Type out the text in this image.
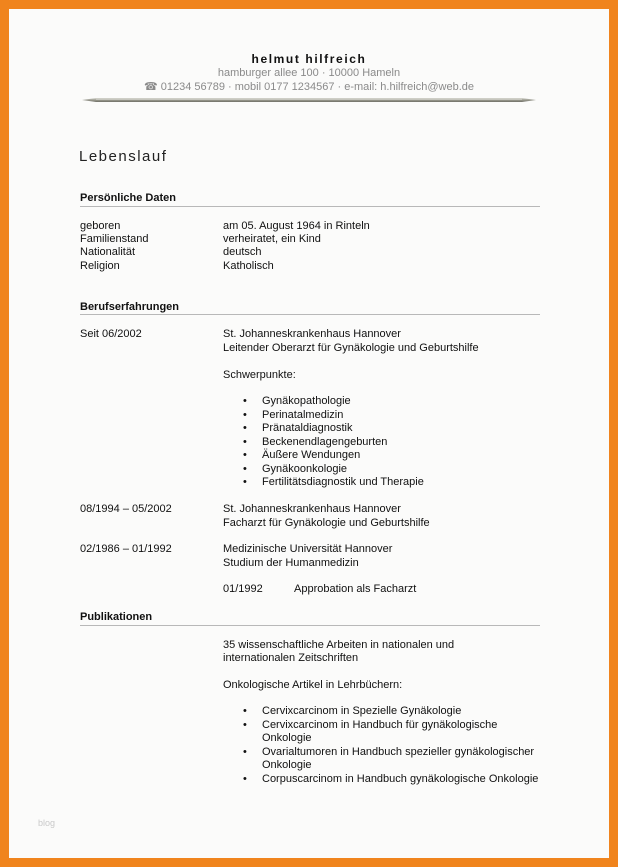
helmut hilfreich
hamburger allee 100 · 10000 Hameln
☎ 01234 56789 · mobil 0177 1234567 · e-mail: h.hilfreich@web.de
Lebenslauf
Persönliche Daten
geboren	am 05. August 1964 in Rinteln
Familienstand	verheiratet, ein Kind
Nationalität	deutsch
Religion	Katholisch
Berufserfahrungen
Seit 06/2002	St. Johanneskrankenhaus Hannover
Leitender Oberarzt für Gynäkologie und Geburtshilfe
Schwerpunkte:
• Gynäkopathologie
• Perinatalmedizin
• Pränataldiagnostik
• Beckenendlagengeburten
• Äußere Wendungen
• Gynäkoonkologie
• Fertilitätsdiagnostik und Therapie
08/1994 – 05/2002	St. Johanneskrankenhaus Hannover
Facharzt für Gynäkologie und Geburtshilfe
02/1986 – 01/1992	Medizinische Universität Hannover
Studium der Humanmedizin
01/1992	Approbation als Facharzt
Publikationen
35 wissenschaftliche Arbeiten in nationalen und
internationalen Zeitschriften
Onkologische Artikel in Lehrbüchern:
• Cervixcarcinom in Spezielle Gynäkologie
• Cervixcarcinom in Handbuch für gynäkologische
Onkologie
• Ovarialtumoren in Handbuch spezieller gynäkologischer
Onkologie
• Corpuscarcinom in Handbuch gynäkologische Onkologie
blog
